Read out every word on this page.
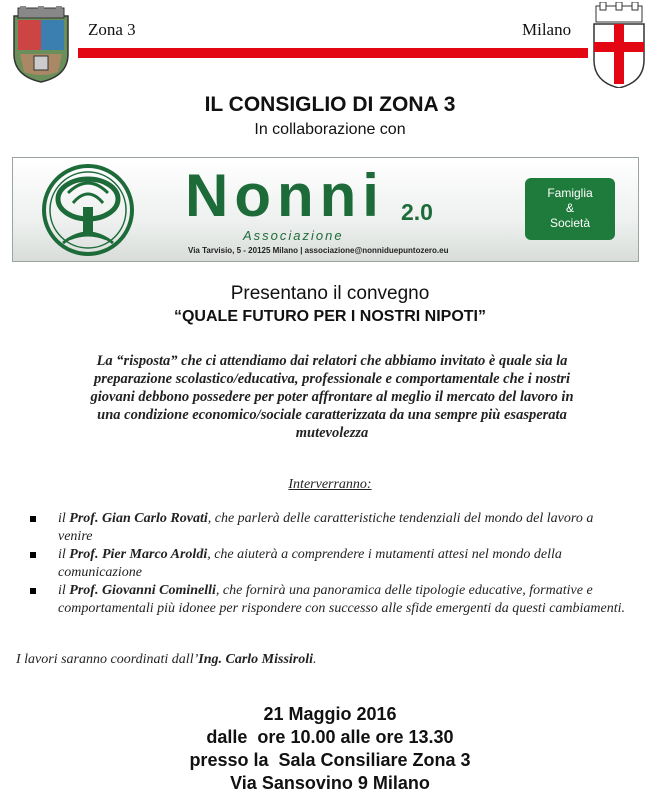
Zona 3	Milano
IL CONSIGLIO DI ZONA 3
In collaborazione con
Nonni 2.0
Associazione
Via Tarvisio, 5 - 20125 Milano | associazione@nonniduepuntozero.eu
Famiglia
&
Società
Presentano il convegno
“QUALE FUTURO PER I NOSTRI NIPOTI”
La “risposta” che ci attendiamo dai relatori che abbiamo invitato è quale sia la preparazione scolastico/educativa, professionale e comportamentale che i nostri giovani debbono possedere per poter affrontare al meglio il mercato del lavoro in una condizione economico/sociale caratterizzata da una sempre più esasperata mutevolezza
Interverranno:
il Prof. Gian Carlo Rovati, che parlerà delle caratteristiche tendenziali del mondo del lavoro a venire
il Prof. Pier Marco Aroldi, che aiuterà a comprendere i mutamenti attesi nel mondo della comunicazione
il Prof. Giovanni Cominelli, che fornirà una panoramica delle tipologie educative, formative e comportamentali più idonee per rispondere con successo alle sfide emergenti da questi cambiamenti.
I lavori saranno coordinati dall’Ing. Carlo Missiroli.
21 Maggio 2016
dalle  ore 10.00 alle ore 13.30
presso la  Sala Consiliare Zona 3
Via Sansovino 9 Milano
